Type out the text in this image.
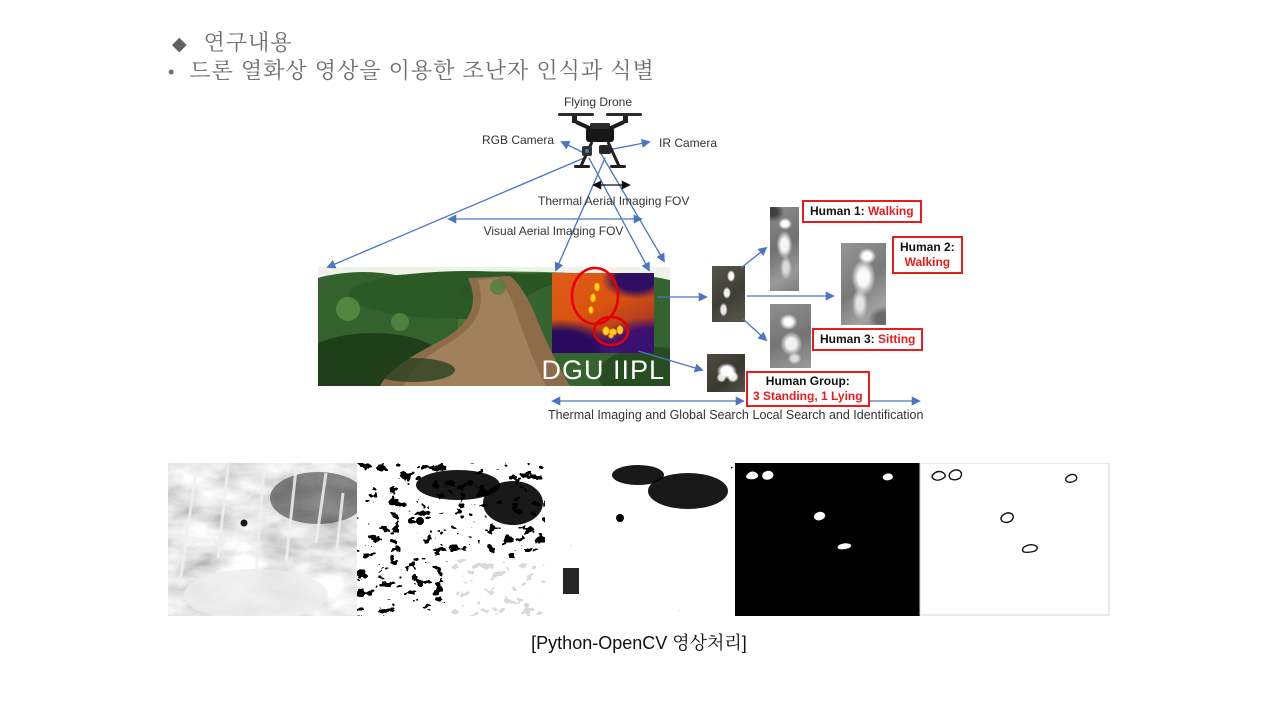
◆ 연구내용
• 드론 열화상 영상을 이용한 조난자 인식과 식별
Flying Drone
RGB Camera	IR Camera
Thermal Aerial Imaging FOV
Visual Aerial Imaging FOV
Thermal Imaging and Global Search Local Search and Identification
DGU IIPL
Human 1: Walking
Human 2:
Walking
Human 3: Sitting
Human Group:
3 Standing, 1 Lying
[Python-OpenCV 영상처리]
